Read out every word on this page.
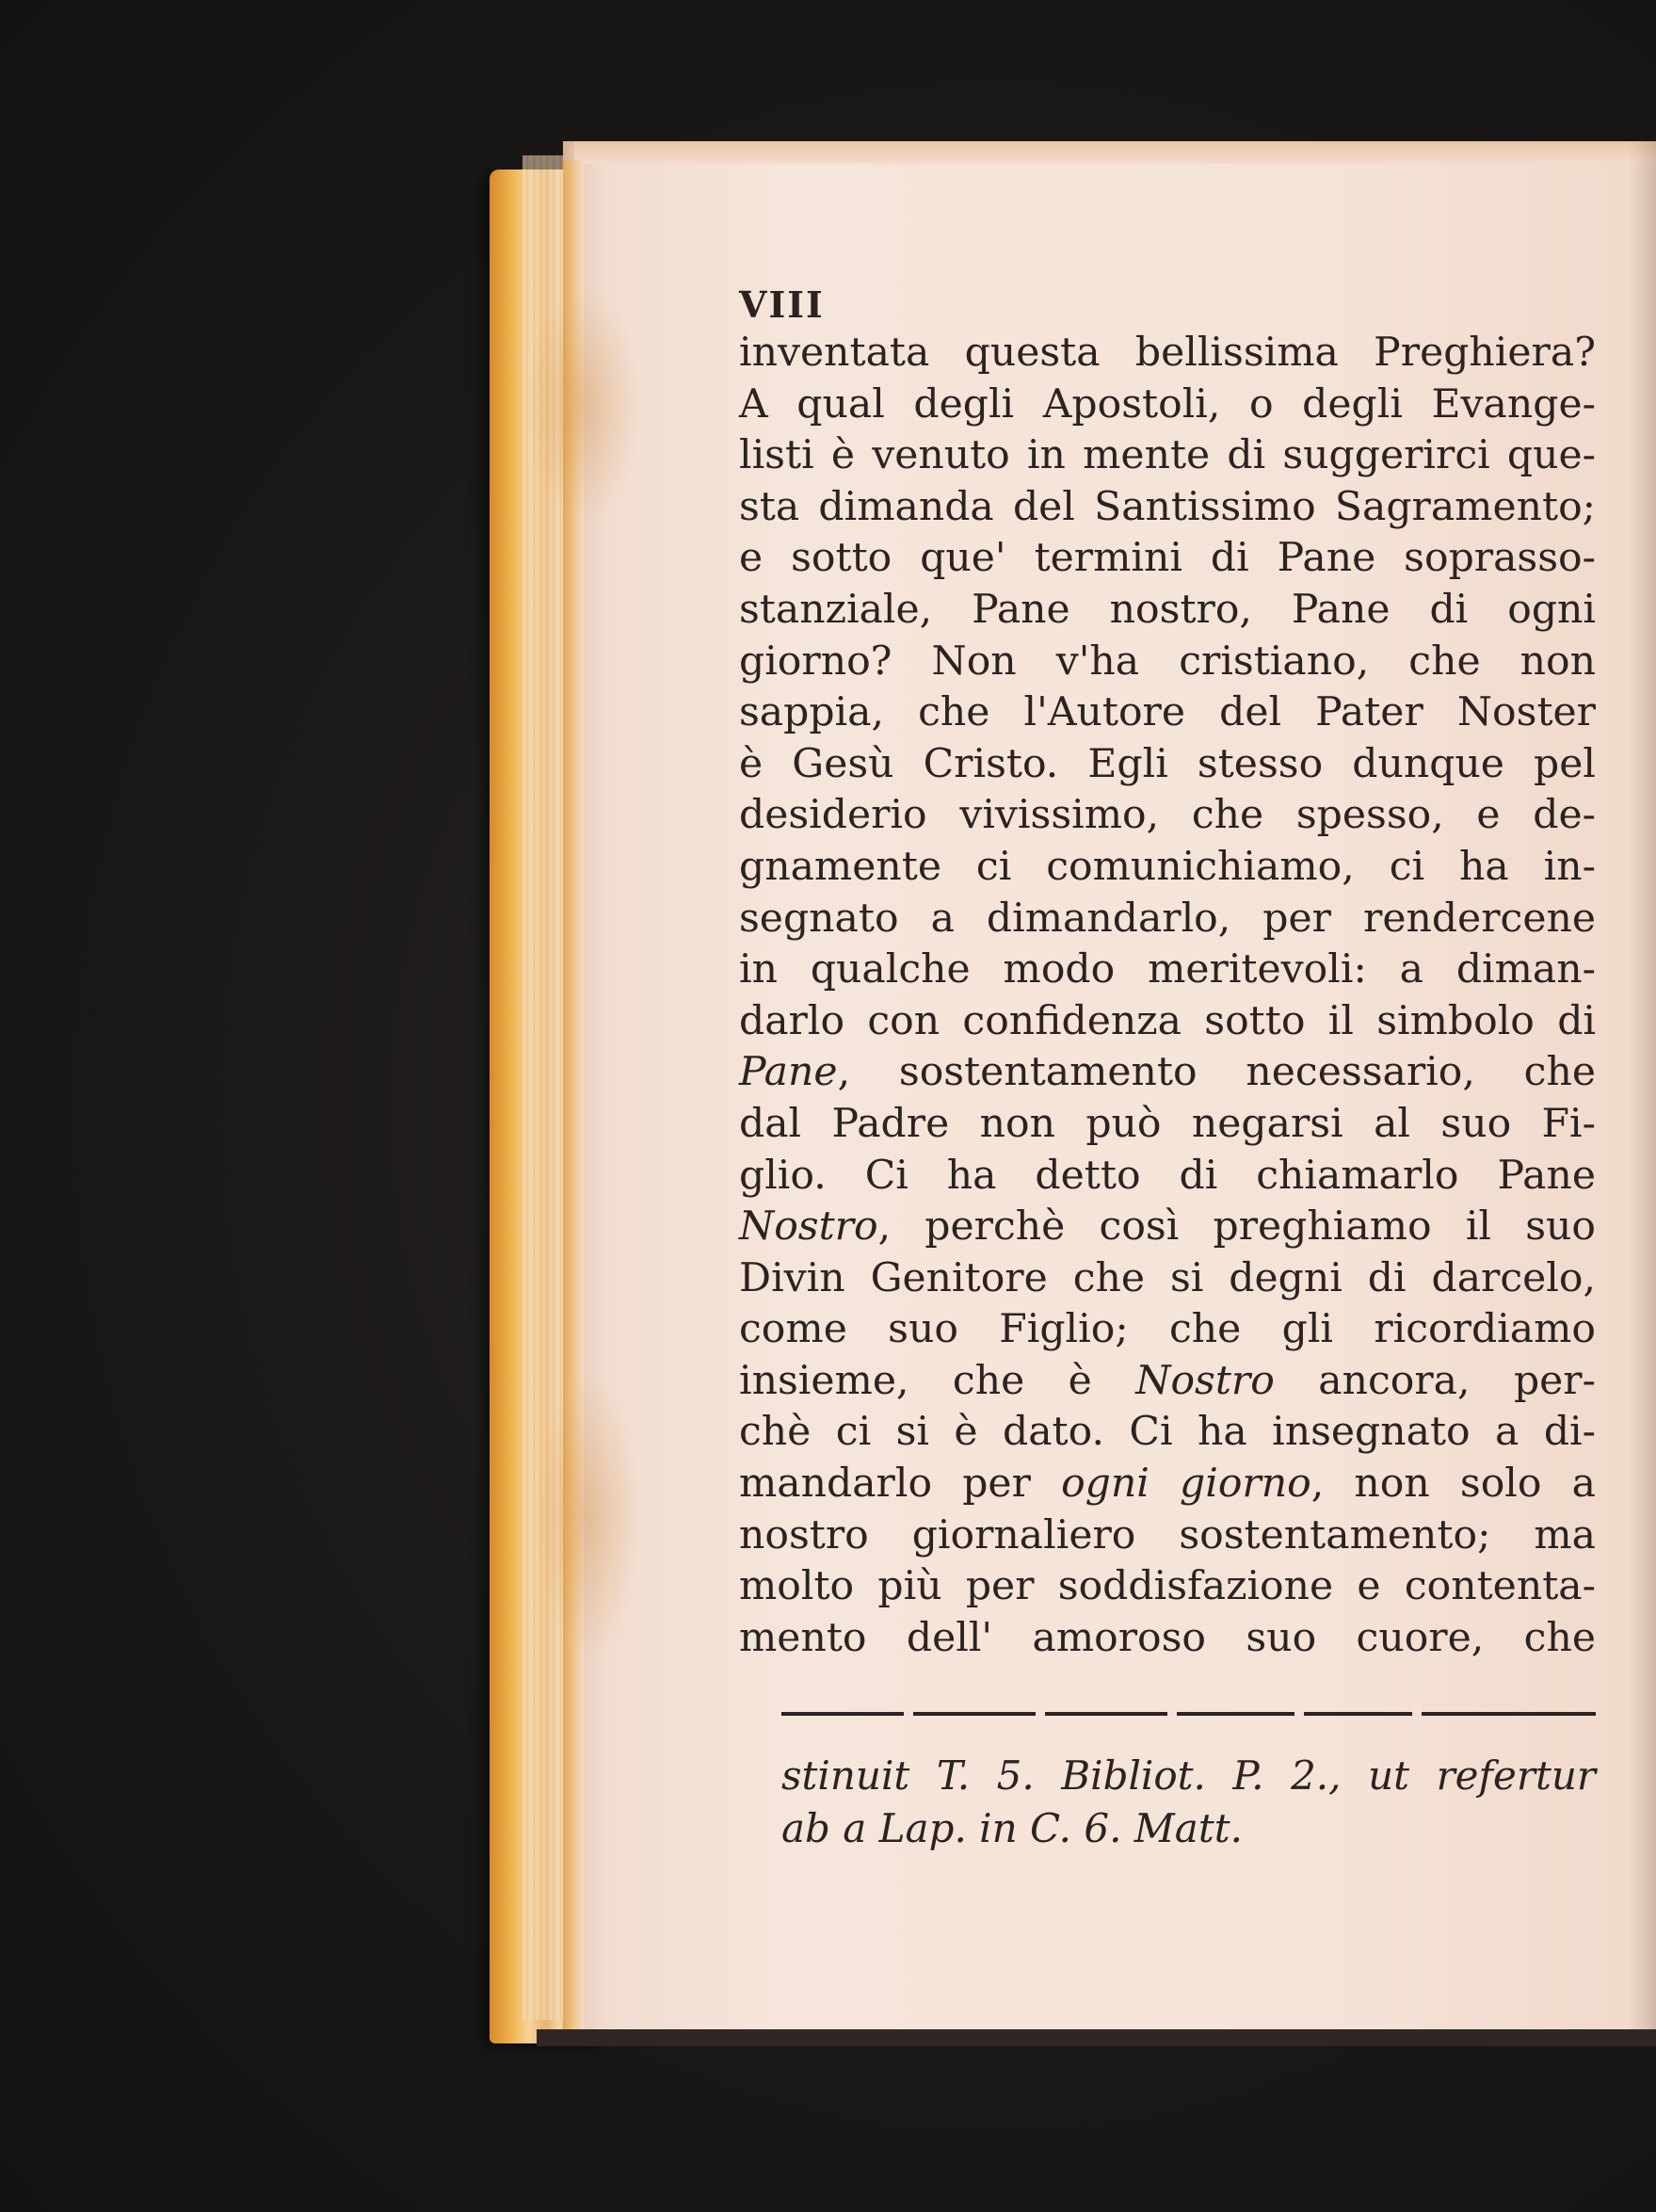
VIII
inventata questa bellissima Preghiera?
A qual degli Apostoli, o degli Evange-
listi è venuto in mente di suggerirci que-
sta dimanda del Santissimo Sagramento;
e sotto que' termini di Pane soprasso-
stanziale, Pane nostro, Pane di ogni
giorno? Non v'ha cristiano, che non
sappia, che l'Autore del Pater Noster
è Gesù Cristo. Egli stesso dunque pel
desiderio vivissimo, che spesso, e de-
gnamente ci comunichiamo, ci ha in-
segnato a dimandarlo, per rendercene
in qualche modo meritevoli: a diman-
darlo con confidenza sotto il simbolo di
Pane, sostentamento necessario, che
dal Padre non può negarsi al suo Fi-
glio. Ci ha detto di chiamarlo Pane
Nostro, perchè così preghiamo il suo
Divin Genitore che si degni di darcelo,
come suo Figlio; che gli ricordiamo
insieme, che è Nostro ancora, per-
chè ci si è dato. Ci ha insegnato a di-
mandarlo per ogni giorno, non solo a
nostro giornaliero sostentamento; ma
molto più per soddisfazione e contenta-
mento dell' amoroso suo cuore, che
stinuit T. 5. Bibliot. P. 2., ut refertur
ab a Lap. in C. 6. Matt.
